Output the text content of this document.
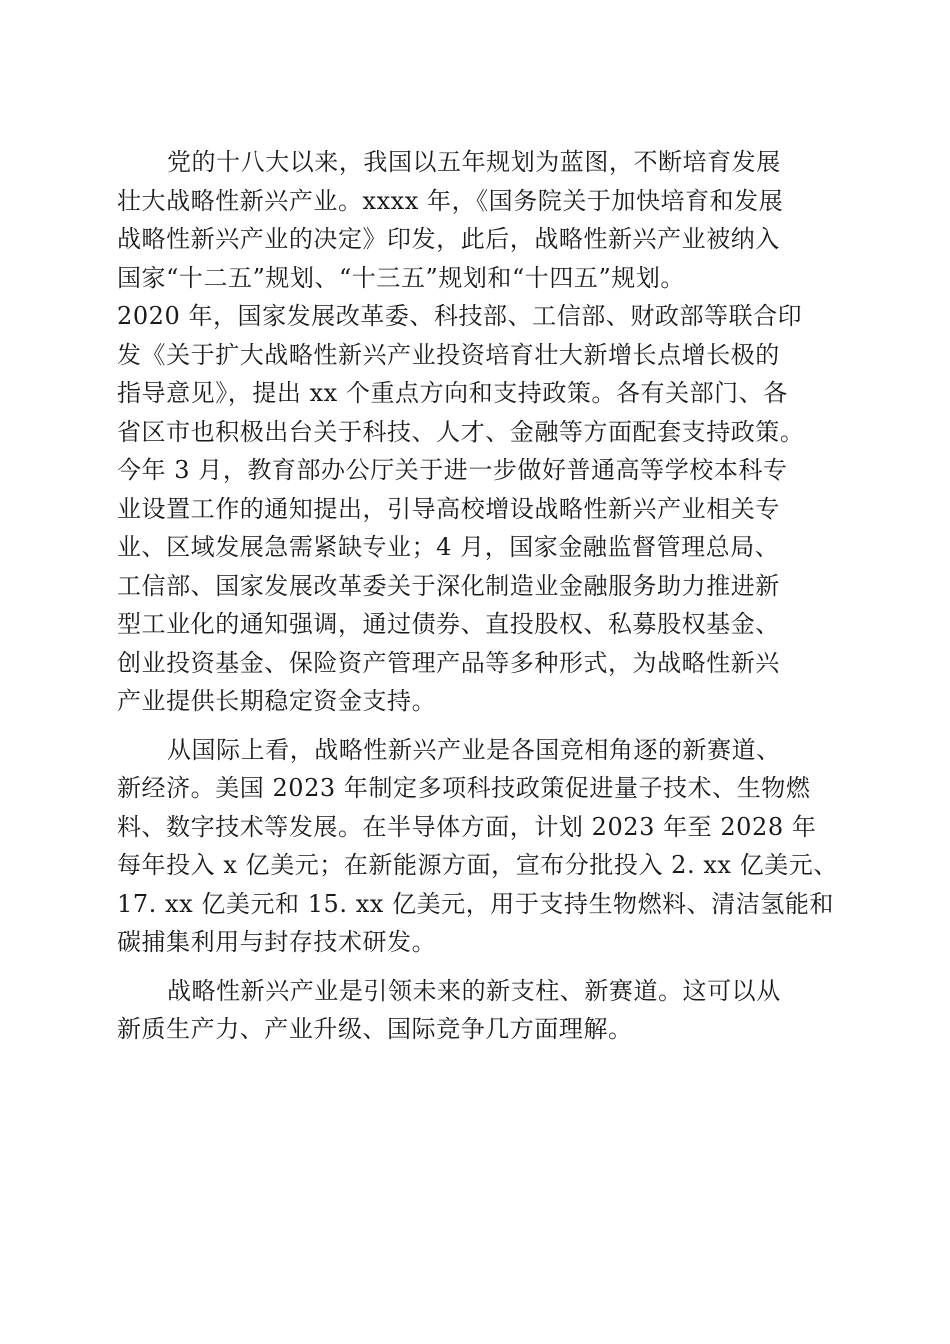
党的十八大以来，我国以五年规划为蓝图，不断培育发展
壮大战略性新兴产业。xxxx 年，《国务院关于加快培育和发展
战略性新兴产业的决定》印发，此后，战略性新兴产业被纳入
国家“十二五”规划、“十三五”规划和“十四五”规划。
2020 年，国家发展改革委、科技部、工信部、财政部等联合印
发《关于扩大战略性新兴产业投资培育壮大新增长点增长极的
指导意见》，提出 xx 个重点方向和支持政策。各有关部门、各
省区市也积极出台关于科技、人才、金融等方面配套支持政策。
今年 3 月，教育部办公厅关于进一步做好普通高等学校本科专
业设置工作的通知提出，引导高校增设战略性新兴产业相关专
业、区域发展急需紧缺专业；4 月，国家金融监督管理总局、
工信部、国家发展改革委关于深化制造业金融服务助力推进新
型工业化的通知强调，通过债券、直投股权、私募股权基金、
创业投资基金、保险资产管理产品等多种形式，为战略性新兴
产业提供长期稳定资金支持。
从国际上看，战略性新兴产业是各国竞相角逐的新赛道、
新经济。美国 2023 年制定多项科技政策促进量子技术、生物燃
料、数字技术等发展。在半导体方面，计划 2023 年至 2028 年
每年投入 x 亿美元；在新能源方面，宣布分批投入 2. xx 亿美元、
17. xx 亿美元和 15. xx 亿美元，用于支持生物燃料、清洁氢能和
碳捕集利用与封存技术研发。
战略性新兴产业是引领未来的新支柱、新赛道。这可以从
新质生产力、产业升级、国际竞争几方面理解。
